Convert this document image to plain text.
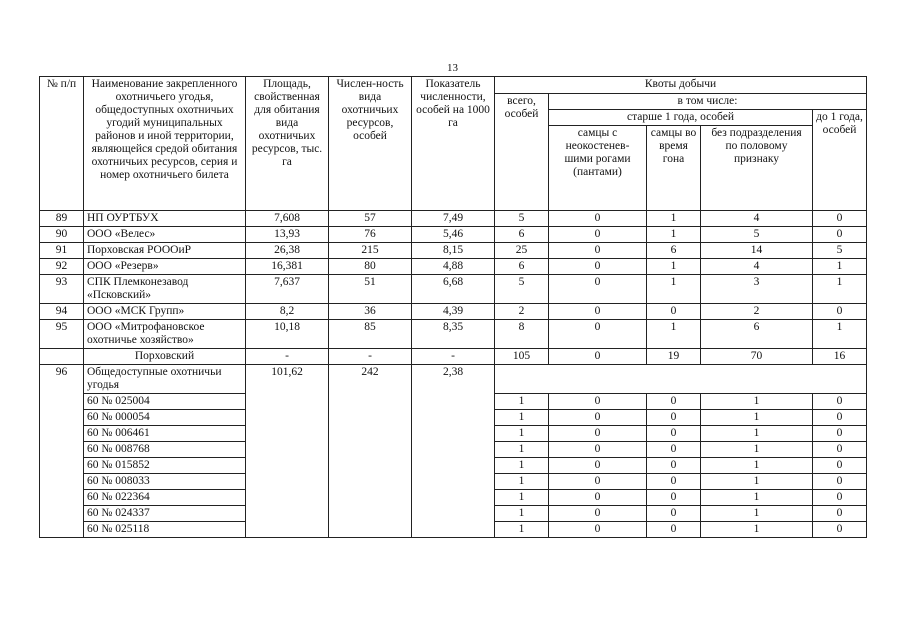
13
№ п/п	Наименование закрепленного охотничьего угодья, общедоступных охотничьих угодий муниципальных районов и иной территории, являющейся средой обитания охотничьих ресурсов, серия и номер охотничьего билета	Площадь, свойственная для обитания вида охотничьих ресурсов, тыс. га	Числен-ность вида охотничьих ресурсов, особей	Показатель численности, особей на 1000 га	Квоты добычи				
					всего, особей	в том числе:			
						старше 1 года, особей			до 1 года, особей
						самцы с неокостенев-шими рогами (пантами)	самцы во время гона	без подразделения по половому признаку	
89	НП ОУРТБУХ	7,608	57	7,49	5	0	1	4	0
90	ООО «Велес»	13,93	76	5,46	6	0	1	5	0
91	Порховская РОООиР	26,38	215	8,15	25	0	6	14	5
92	ООО «Резерв»	16,381	80	4,88	6	0	1	4	1
93	СПК Племконезавод «Псковский»	7,637	51	6,68	5	0	1	3	1
94	ООО «МСК Групп»	8,2	36	4,39	2	0	0	2	0
95	ООО «Митрофановское охотничье хозяйство»	10,18	85	8,35	8	0	1	6	1
	Порховский	-	-	-	105	0	19	70	16
96	Общедоступные охотничьи угодья	101,62	242	2,38					
	60 № 025004				1	0	0	1	0
	60 № 000054				1	0	0	1	0
	60 № 006461				1	0	0	1	0
	60 № 008768				1	0	0	1	0
	60 № 015852				1	0	0	1	0
	60 № 008033				1	0	0	1	0
	60 № 022364				1	0	0	1	0
	60 № 024337				1	0	0	1	0
	60 № 025118				1	0	0	1	0
